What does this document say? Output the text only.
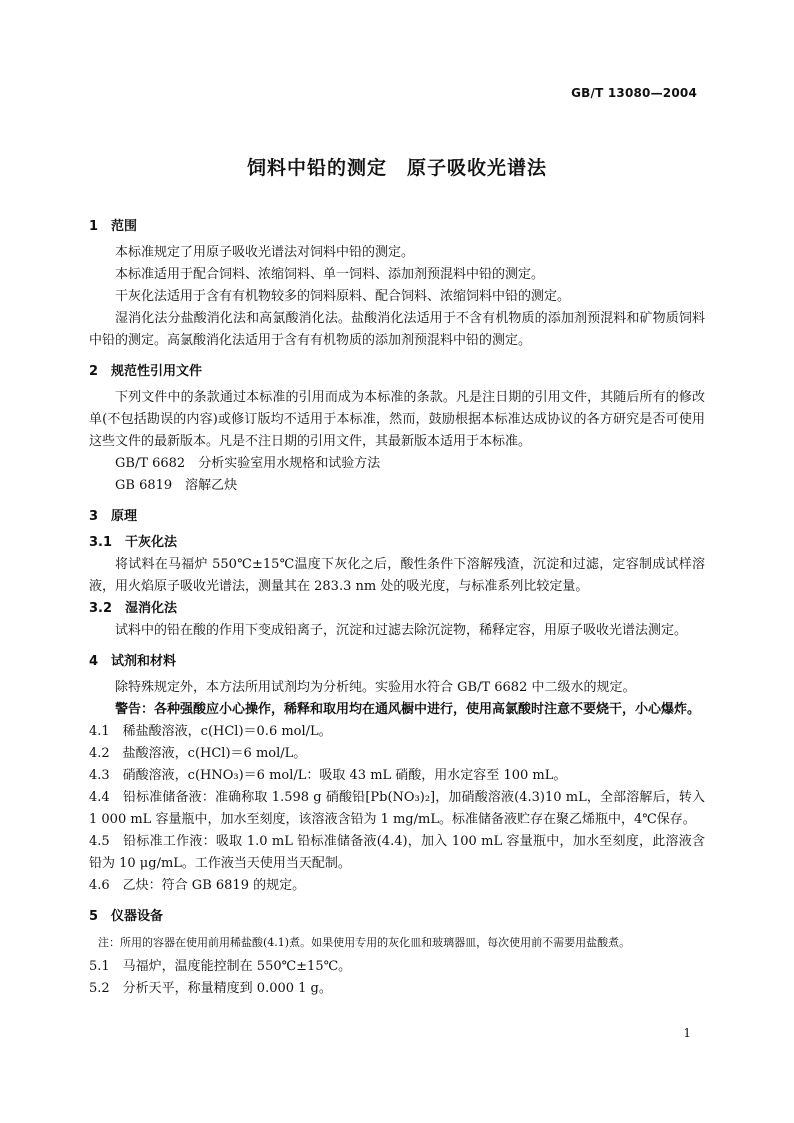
GB/T 13080—2004
饲料中铅的测定　原子吸收光谱法
1　范围
本标准规定了用原子吸收光谱法对饲料中铅的测定。
本标准适用于配合饲料、浓缩饲料、单一饲料、添加剂预混料中铅的测定。
干灰化法适用于含有有机物较多的饲料原料、配合饲料、浓缩饲料中铅的测定。
湿消化法分盐酸消化法和高氯酸消化法。盐酸消化法适用于不含有机物质的添加剂预混料和矿物质饲料中铅的测定。高氯酸消化法适用于含有有机物质的添加剂预混料中铅的测定。
2　规范性引用文件
下列文件中的条款通过本标准的引用而成为本标准的条款。凡是注日期的引用文件，其随后所有的修改单(不包括勘误的内容)或修订版均不适用于本标准，然而，鼓励根据本标准达成协议的各方研究是否可使用这些文件的最新版本。凡是不注日期的引用文件，其最新版本适用于本标准。
GB/T 6682　分析实验室用水规格和试验方法
GB 6819　溶解乙炔
3　原理
3.1　干灰化法
将试料在马福炉 550℃±15℃温度下灰化之后，酸性条件下溶解残渣，沉淀和过滤，定容制成试样溶液，用火焰原子吸收光谱法，测量其在 283.3 nm 处的吸光度，与标准系列比较定量。
3.2　湿消化法
试料中的铅在酸的作用下变成铅离子，沉淀和过滤去除沉淀物，稀释定容，用原子吸收光谱法测定。
4　试剂和材料
除特殊规定外，本方法所用试剂均为分析纯。实验用水符合 GB/T 6682 中二级水的规定。
警告：各种强酸应小心操作，稀释和取用均在通风橱中进行，使用高氯酸时注意不要烧干，小心爆炸。
4.1　稀盐酸溶液，c(HCl)＝0.6 mol/L。
4.2　盐酸溶液，c(HCl)＝6 mol/L。
4.3　硝酸溶液，c(HNO₃)＝6 mol/L：吸取 43 mL 硝酸，用水定容至 100 mL。
4.4　铅标准储备液：准确称取 1.598 g 硝酸铅[Pb(NO₃)₂]，加硝酸溶液(4.3)10 mL，全部溶解后，转入 1 000 mL 容量瓶中，加水至刻度，该溶液含铅为 1 mg/mL。标准储备液贮存在聚乙烯瓶中，4℃保存。
4.5　铅标准工作液：吸取 1.0 mL 铅标准储备液(4.4)，加入 100 mL 容量瓶中，加水至刻度，此溶液含铅为 10 μg/mL。工作液当天使用当天配制。
4.6　乙炔：符合 GB 6819 的规定。
5　仪器设备
注：所用的容器在使用前用稀盐酸(4.1)煮。如果使用专用的灰化皿和玻璃器皿，每次使用前不需要用盐酸煮。
5.1　马福炉，温度能控制在 550℃±15℃。
5.2　分析天平，称量精度到 0.000 1 g。
1
